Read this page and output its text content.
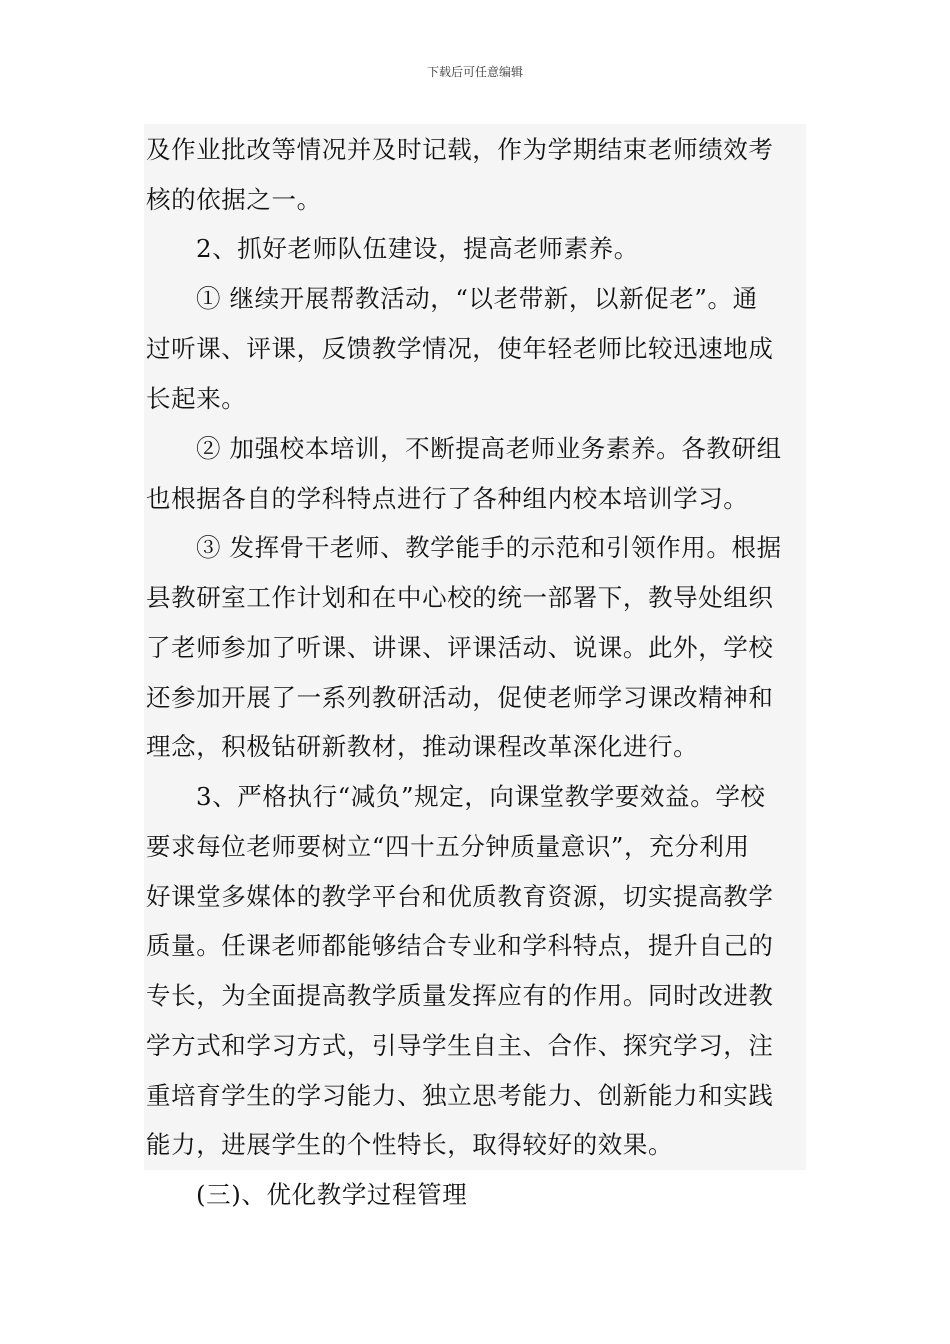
下载后可任意编辑
及作业批改等情况并及时记载，作为学期结束老师绩效考
核的依据之一。
2、抓好老师队伍建设，提高老师素养。
① 继续开展帮教活动，“以老带新，以新促老”。通
过听课、评课，反馈教学情况，使年轻老师比较迅速地成
长起来。
② 加强校本培训，不断提高老师业务素养。各教研组
也根据各自的学科特点进行了各种组内校本培训学习。
③ 发挥骨干老师、教学能手的示范和引领作用。根据
县教研室工作计划和在中心校的统一部署下，教导处组织
了老师参加了听课、讲课、评课活动、说课。此外，学校
还参加开展了一系列教研活动，促使老师学习课改精神和
理念，积极钻研新教材，推动课程改革深化进行。
3、严格执行“减负”规定，向课堂教学要效益。学校
要求每位老师要树立“四十五分钟质量意识”，充分利用
好课堂多媒体的教学平台和优质教育资源，切实提高教学
质量。任课老师都能够结合专业和学科特点，提升自己的
专长，为全面提高教学质量发挥应有的作用。同时改进教
学方式和学习方式，引导学生自主、合作、探究学习，注
重培育学生的学习能力、独立思考能力、创新能力和实践
能力，进展学生的个性特长，取得较好的效果。
(三)、优化教学过程管理
